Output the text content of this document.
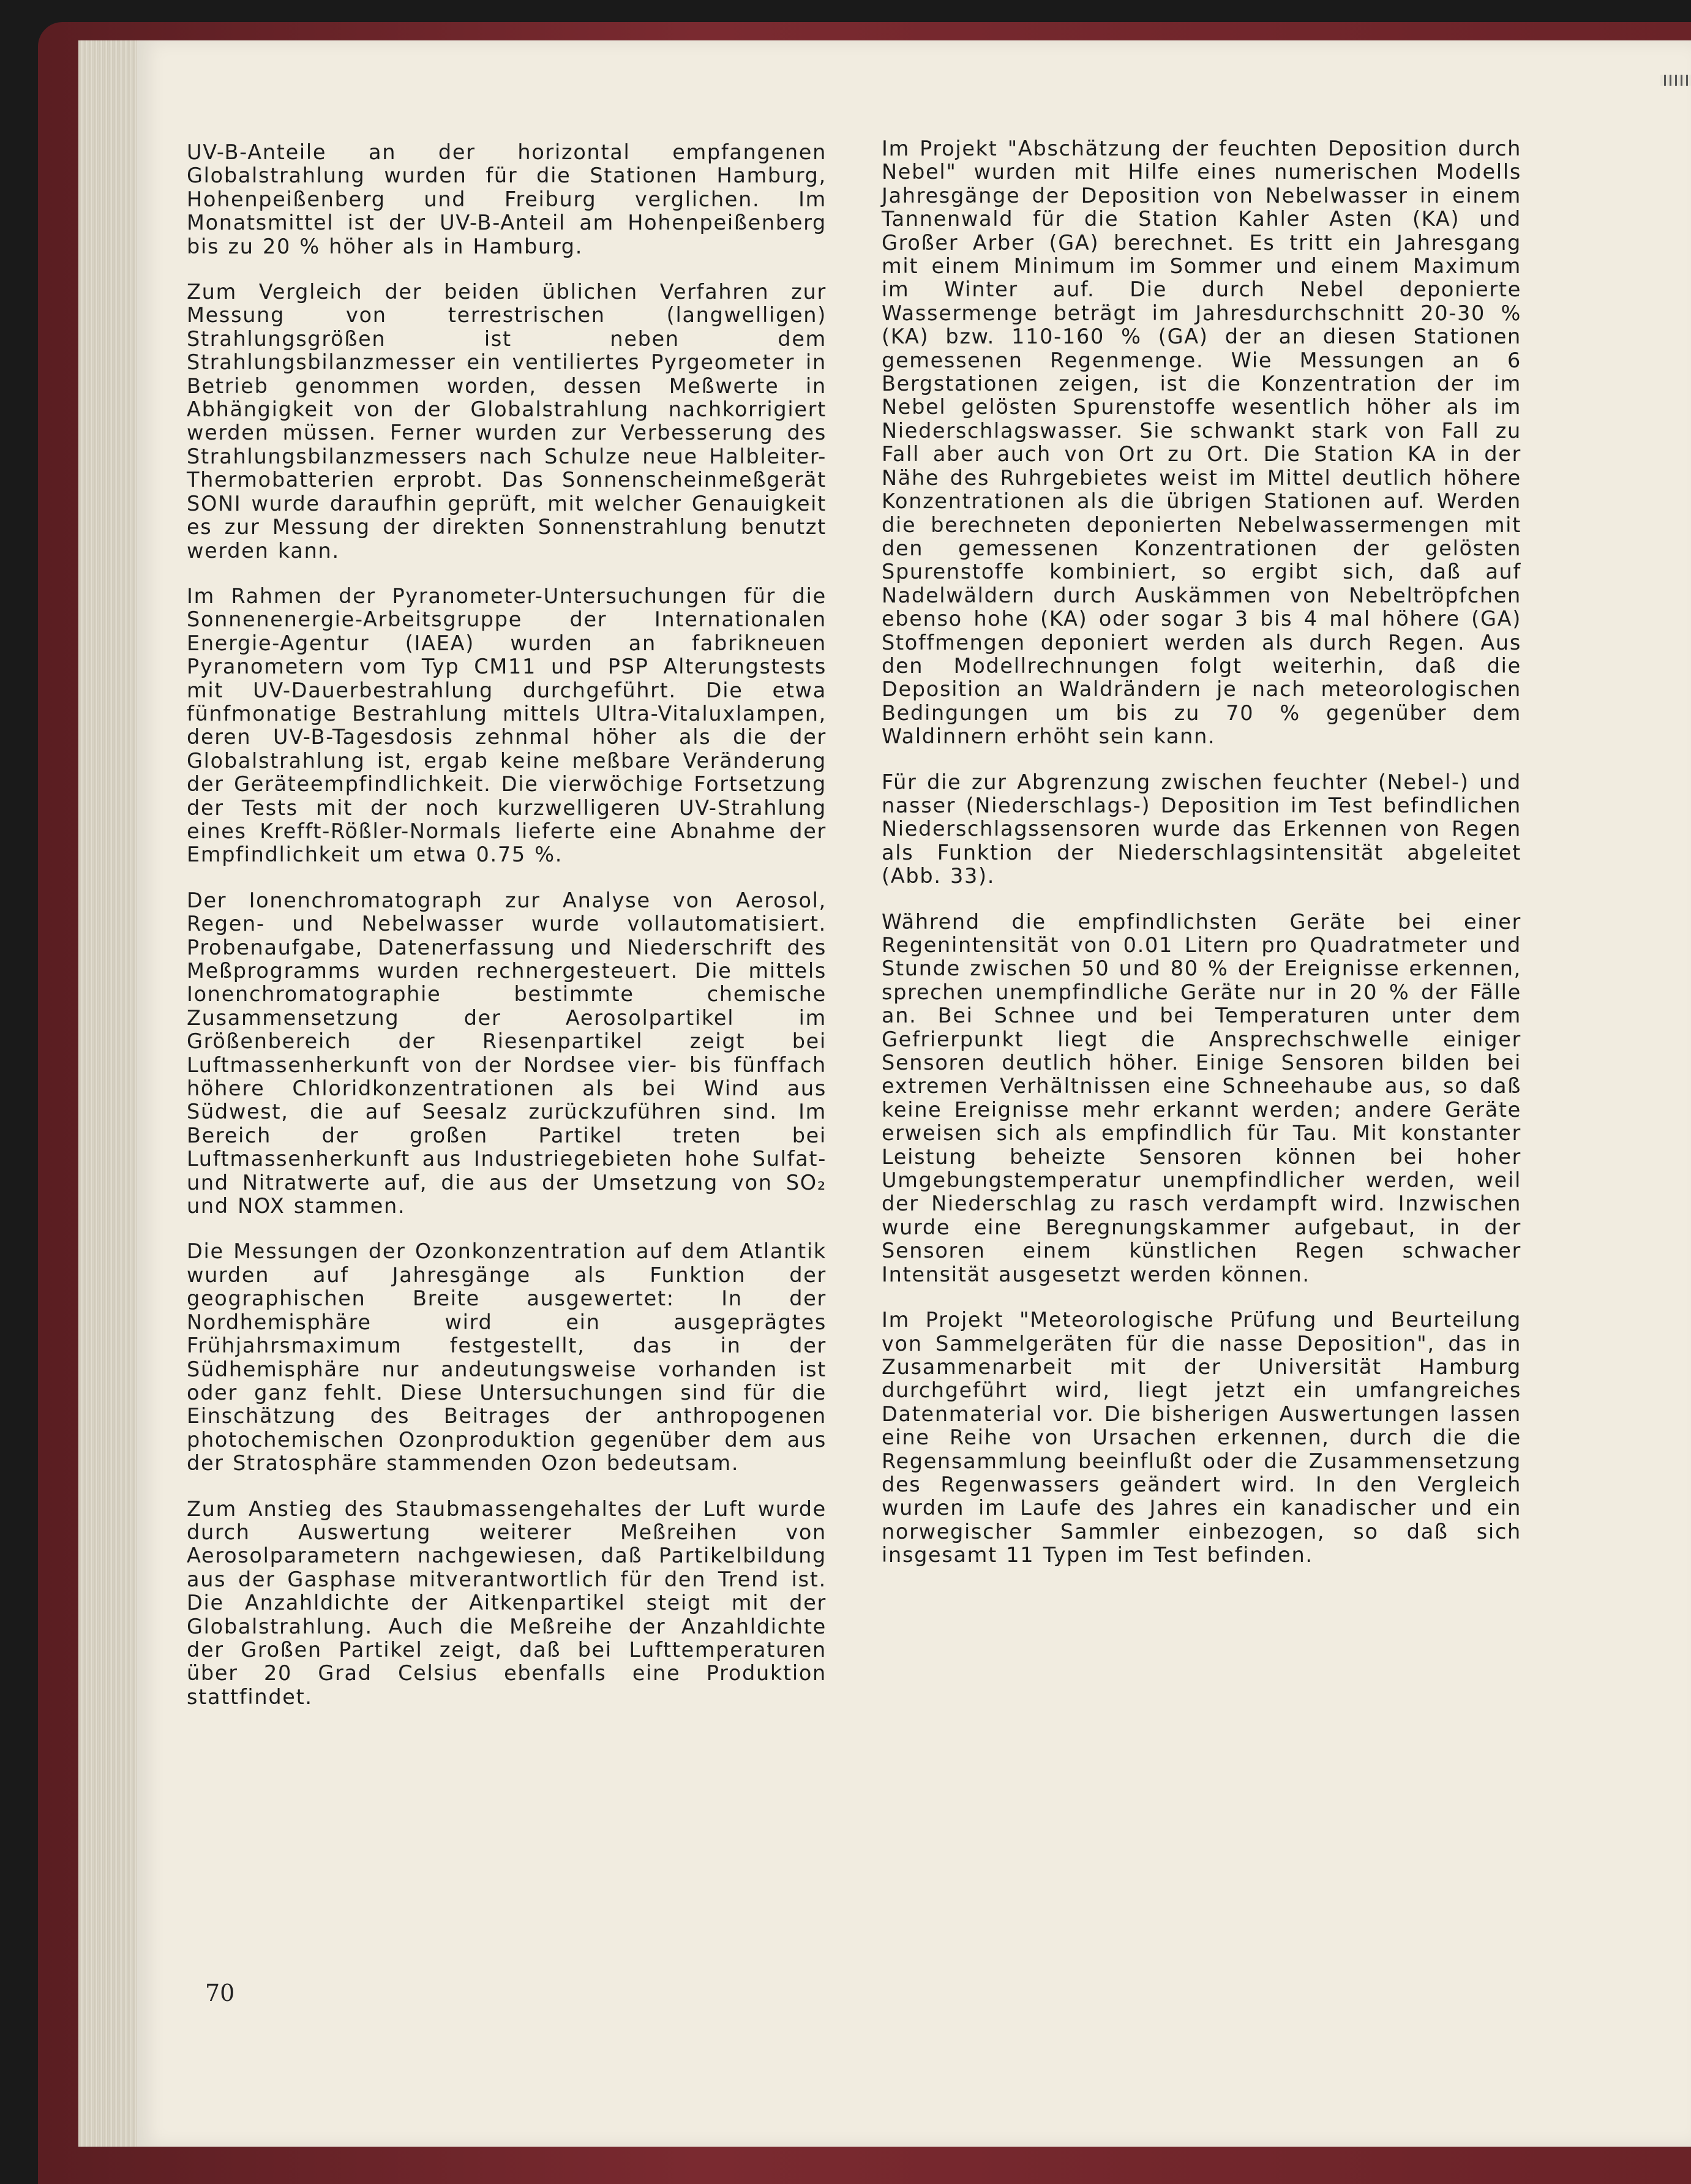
UV-B-Anteile an der horizontal empfangenen Globalstrahlung wurden für die Stationen Hamburg, Hohenpeißenberg und Freiburg verglichen. Im Monatsmittel ist der UV-B-Anteil am Hohenpeißenberg bis zu 20 % höher als in Hamburg.

Zum Vergleich der beiden üblichen Verfahren zur Messung von terrestrischen (langwelligen) Strahlungsgrößen ist neben dem Strahlungsbilanzmesser ein ventiliertes Pyrgeometer in Betrieb genommen worden, dessen Meßwerte in Abhängigkeit von der Globalstrahlung nachkorrigiert werden müssen. Ferner wurden zur Verbesserung des Strahlungsbilanzmessers nach Schulze neue Halbleiter-Thermobatterien erprobt. Das Sonnenscheinmeßgerät SONI wurde daraufhin geprüft, mit welcher Genauigkeit es zur Messung der direkten Sonnenstrahlung benutzt werden kann.

Im Rahmen der Pyranometer-Untersuchungen für die Sonnenenergie-Arbeitsgruppe der Internationalen Energie-Agentur (IAEA) wurden an fabrikneuen Pyranometern vom Typ CM11 und PSP Alterungstests mit UV-Dauerbestrahlung durchgeführt. Die etwa fünfmonatige Bestrahlung mittels Ultra-Vitaluxlampen, deren UV-B-Tagesdosis zehnmal höher als die der Globalstrahlung ist, ergab keine meßbare Veränderung der Geräteempfindlichkeit. Die vierwöchige Fortsetzung der Tests mit der noch kurzwelligeren UV-Strahlung eines Krefft-Rößler-Normals lieferte eine Abnahme der Empfindlichkeit um etwa 0.75 %.

Der Ionenchromatograph zur Analyse von Aerosol, Regen- und Nebelwasser wurde vollautomatisiert. Probenaufgabe, Datenerfassung und Niederschrift des Meßprogramms wurden rechnergesteuert. Die mittels Ionenchromatographie bestimmte chemische Zusammensetzung der Aerosolpartikel im Größenbereich der Riesenpartikel zeigt bei Luftmassenherkunft von der Nordsee vier- bis fünffach höhere Chloridkonzentrationen als bei Wind aus Südwest, die auf Seesalz zurückzuführen sind. Im Bereich der großen Partikel treten bei Luftmassenherkunft aus Industriegebieten hohe Sulfat- und Nitratwerte auf, die aus der Umsetzung von SO₂ und NOX stammen.

Die Messungen der Ozonkonzentration auf dem Atlantik wurden auf Jahresgänge als Funktion der geographischen Breite ausgewertet: In der Nordhemisphäre wird ein ausgeprägtes Frühjahrsmaximum festgestellt, das in der Südhemisphäre nur andeutungsweise vorhanden ist oder ganz fehlt. Diese Untersuchungen sind für die Einschätzung des Beitrages der anthropogenen photochemischen Ozonproduktion gegenüber dem aus der Stratosphäre stammenden Ozon bedeutsam.

Zum Anstieg des Staubmassengehaltes der Luft wurde durch Auswertung weiterer Meßreihen von Aerosolparametern nachgewiesen, daß Partikelbildung aus der Gasphase mitverantwortlich für den Trend ist. Die Anzahldichte der Aitkenpartikel steigt mit der Globalstrahlung. Auch die Meßreihe der Anzahldichte der Großen Partikel zeigt, daß bei Lufttemperaturen über 20 Grad Celsius ebenfalls eine Produktion stattfindet.

Im Projekt "Abschätzung der feuchten Deposition durch Nebel" wurden mit Hilfe eines numerischen Modells Jahresgänge der Deposition von Nebelwasser in einem Tannenwald für die Station Kahler Asten (KA) und Großer Arber (GA) berechnet. Es tritt ein Jahresgang mit einem Minimum im Sommer und einem Maximum im Winter auf. Die durch Nebel deponierte Wassermenge beträgt im Jahresdurchschnitt 20-30 % (KA) bzw. 110-160 % (GA) der an diesen Stationen gemessenen Regenmenge. Wie Messungen an 6 Bergstationen zeigen, ist die Konzentration der im Nebel gelösten Spurenstoffe wesentlich höher als im Niederschlagswasser. Sie schwankt stark von Fall zu Fall aber auch von Ort zu Ort. Die Station KA in der Nähe des Ruhrgebietes weist im Mittel deutlich höhere Konzentrationen als die übrigen Stationen auf. Werden die berechneten deponierten Nebelwassermengen mit den gemessenen Konzentrationen der gelösten Spurenstoffe kombiniert, so ergibt sich, daß auf Nadelwäldern durch Auskämmen von Nebeltröpfchen ebenso hohe (KA) oder sogar 3 bis 4 mal höhere (GA) Stoffmengen deponiert werden als durch Regen. Aus den Modellrechnungen folgt weiterhin, daß die Deposition an Waldrändern je nach meteorologischen Bedingungen um bis zu 70 % gegenüber dem Waldinnern erhöht sein kann.

Für die zur Abgrenzung zwischen feuchter (Nebel-) und nasser (Niederschlags-) Deposition im Test befindlichen Niederschlagssensoren wurde das Erkennen von Regen als Funktion der Niederschlagsintensität abgeleitet (Abb. 33).

Während die empfindlichsten Geräte bei einer Regenintensität von 0.01 Litern pro Quadratmeter und Stunde zwischen 50 und 80 % der Ereignisse erkennen, sprechen unempfindliche Geräte nur in 20 % der Fälle an. Bei Schnee und bei Temperaturen unter dem Gefrierpunkt liegt die Ansprechschwelle einiger Sensoren deutlich höher. Einige Sensoren bilden bei extremen Verhältnissen eine Schneehaube aus, so daß keine Ereignisse mehr erkannt werden; andere Geräte erweisen sich als empfindlich für Tau. Mit konstanter Leistung beheizte Sensoren können bei hoher Umgebungstemperatur unempfindlicher werden, weil der Niederschlag zu rasch verdampft wird. Inzwischen wurde eine Beregnungskammer aufgebaut, in der Sensoren einem künstlichen Regen schwacher Intensität ausgesetzt werden können.

Im Projekt "Meteorologische Prüfung und Beurteilung von Sammelgeräten für die nasse Deposition", das in Zusammenarbeit mit der Universität Hamburg durchgeführt wird, liegt jetzt ein umfangreiches Datenmaterial vor. Die bisherigen Auswertungen lassen eine Reihe von Ursachen erkennen, durch die die Regensammlung beeinflußt oder die Zusammensetzung des Regenwassers geändert wird. In den Vergleich wurden im Laufe des Jahres ein kanadischer und ein norwegischer Sammler einbezogen, so daß sich insgesamt 11 Typen im Test befinden.

70
